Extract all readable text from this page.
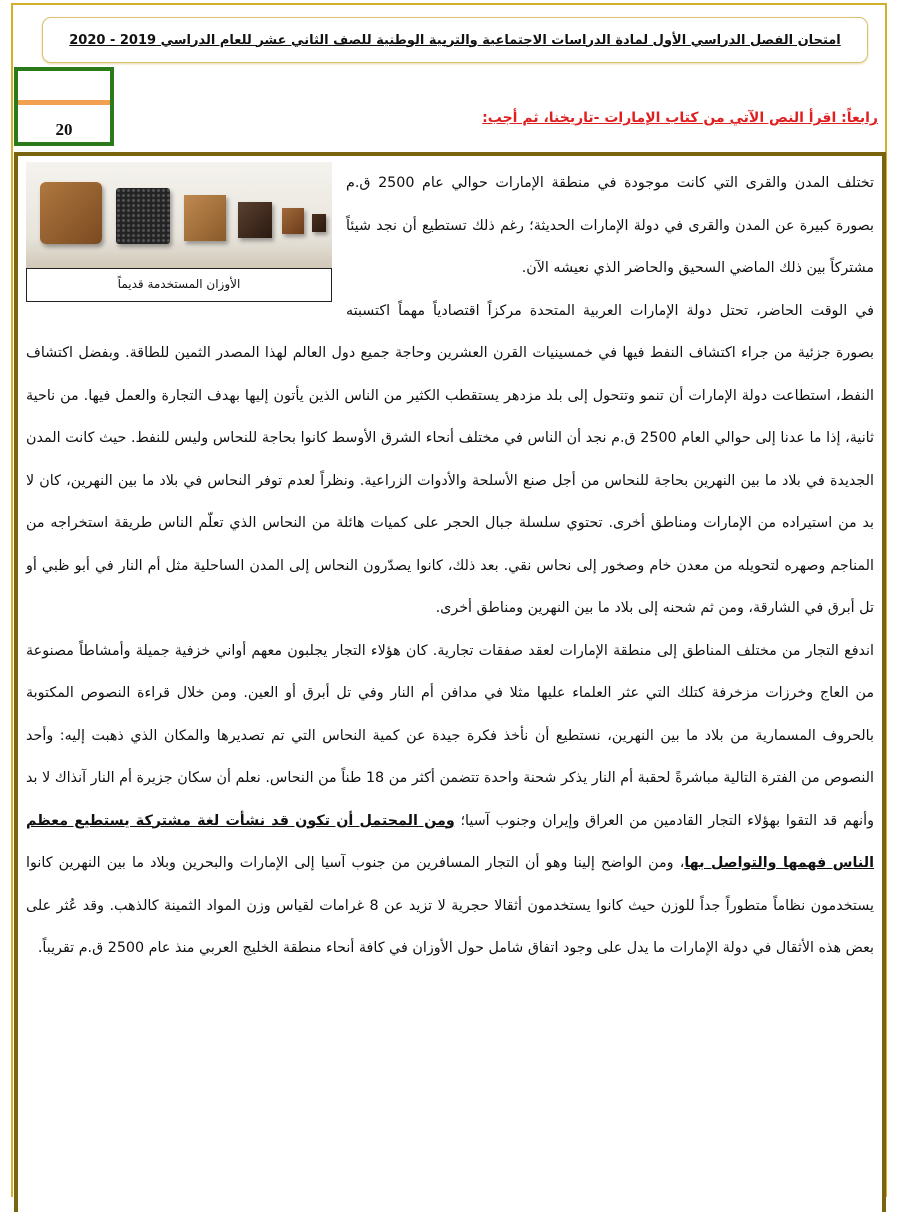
امتحان الفصل الدراسي الأول لمادة الدراسات الاجتماعية والتربية الوطنية للصف الثاني عشر للعام الدراسي 2019 - 2020
20
رابعاً: اقرأ النص الآتي من كتاب الإمارات -تاريخنا، ثم أجب:
الأوزان المستخدمة قديماً

تختلف المدن والقرى التي كانت موجودة في منطقة الإمارات حوالي عام 2500 ق.م بصورة كبيرة عن المدن والقرى في دولة الإمارات الحديثة؛ رغم ذلك تستطيع أن نجد شيئاً مشتركاً بين ذلك الماضي السحيق والحاضر الذي نعيشه الآن.

في الوقت الحاضر، تحتل دولة الإمارات العربية المتحدة مركزاً اقتصادياً مهماً اكتسبته بصورة جزئية من جراء اكتشاف النفط فيها في خمسينيات القرن العشرين وحاجة جميع دول العالم لهذا المصدر الثمين للطاقة. وبفضل اكتشاف النفط، استطاعت دولة الإمارات أن تنمو وتتحول إلى بلد مزدهر يستقطب الكثير من الناس الذين يأتون إليها بهدف التجارة والعمل فيها. من ناحية ثانية، إذا ما عدنا إلى حوالي العام 2500 ق.م نجد أن الناس في مختلف أنحاء الشرق الأوسط كانوا بحاجة للنحاس وليس للنفط. حيث كانت المدن الجديدة في بلاد ما بين النهرين بحاجة للنحاس من أجل صنع الأسلحة والأدوات الزراعية. ونظراً لعدم توفر النحاس في بلاد ما بين النهرين، كان لا بد من استيراده من الإمارات ومناطق أخرى. تحتوي سلسلة جبال الحجر على كميات هائلة من النحاس الذي تعلّم الناس طريقة استخراجه من المناجم وصهره لتحويله من معدن خام وصخور إلى نحاس نقي. بعد ذلك، كانوا يصدّرون النحاس إلى المدن الساحلية مثل أم النار في أبو ظبي أو تل أبرق في الشارقة، ومن ثم شحنه إلى بلاد ما بين النهرين ومناطق أخرى.

اندفع التجار من مختلف المناطق إلى منطقة الإمارات لعقد صفقات تجارية. كان هؤلاء التجار يجلبون معهم أواني خزفية جميلة وأمشاطاً مصنوعة من العاج وخرزات مزخرفة كتلك التي عثر العلماء عليها مثلا في مدافن أم النار وفي تل أبرق أو العين. ومن خلال قراءة النصوص المكتوبة بالحروف المسمارية من بلاد ما بين النهرين، نستطيع أن نأخذ فكرة جيدة عن كمية النحاس التي تم تصديرها والمكان الذي ذهبت إليه: وأحد النصوص من الفترة التالية مباشرةً لحقبة أم النار يذكر شحنة واحدة تتضمن أكثر من 18 طناً من النحاس. نعلم أن سكان جزيرة أم النار آنذاك لا بد وأنهم قد التقوا بهؤلاء التجار القادمين من العراق وإيران وجنوب آسيا؛ ومن المحتمل أن تكون قد نشأت لغة مشتركة يستطيع معظم الناس فهمها والتواصل بها، ومن الواضح إلينا وهو أن التجار المسافرين من جنوب آسيا إلى الإمارات والبحرين وبلاد ما بين النهرين كانوا يستخدمون نظاماً متطوراً جداً للوزن حيث كانوا يستخدمون أثقالا حجرية لا تزيد عن 8 غرامات لقياس وزن المواد الثمينة كالذهب. وقد عُثر على بعض هذه الأثقال في دولة الإمارات ما يدل على وجود اتفاق شامل حول الأوزان في كافة أنحاء منطقة الخليج العربي منذ عام 2500 ق.م تقريباً.
